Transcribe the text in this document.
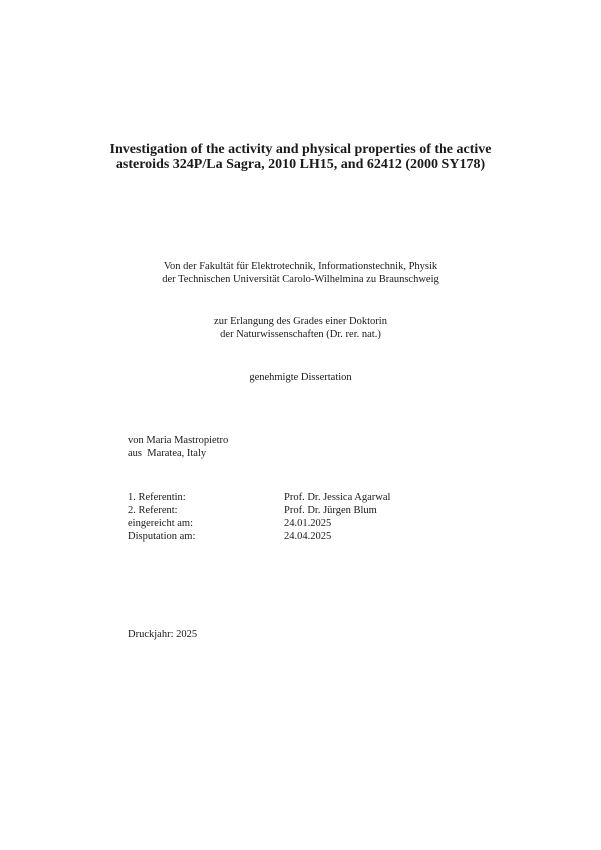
Investigation of the activity and physical properties of the active
asteroids 324P/La Sagra, 2010 LH15, and 62412 (2000 SY178)
Von der Fakultät für Elektrotechnik, Informationstechnik, Physik
der Technischen Universität Carolo-Wilhelmina zu Braunschweig
zur Erlangung des Grades einer Doktorin
der Naturwissenschaften (Dr. rer. nat.)
genehmigte Dissertation
von Maria Mastropietro
aus  Maratea, Italy
1. Referentin:	Prof. Dr. Jessica Agarwal
2. Referent:	Prof. Dr. Jürgen Blum
eingereicht am:	24.01.2025
Disputation am:	24.04.2025
Druckjahr: 2025
